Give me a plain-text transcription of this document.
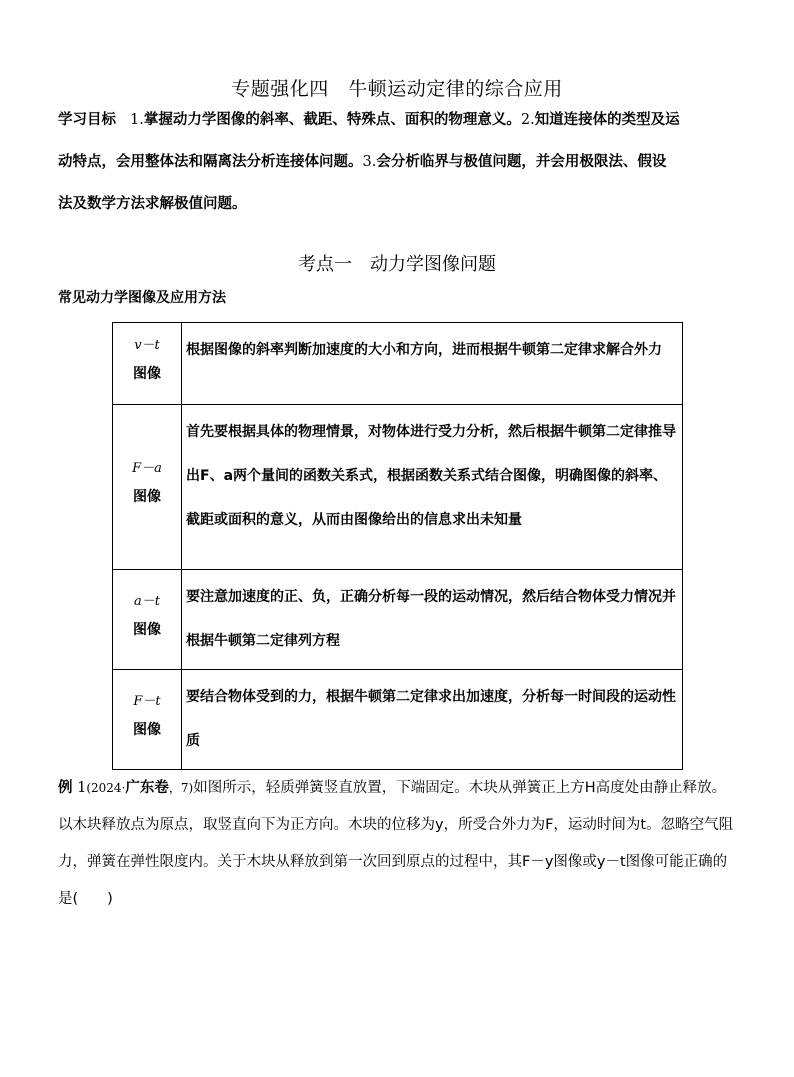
专题强化四　牛顿运动定律的综合应用
学习目标 1.掌握动力学图像的斜率、截距、特殊点、面积的物理意义。2.知道连接体的类型及运
动特点，会用整体法和隔离法分析连接体问题。3.会分析临界与极值问题，并会用极限法、假设
法及数学方法求解极值问题。
考点一　动力学图像问题
常见动力学图像及应用方法
v－t
图像	根据图像的斜率判断加速度的大小和方向，进而根据牛顿第二定律求解合外力

F－a
图像	首先要根据具体的物理情景，对物体进行受力分析，然后根据牛顿第二定律推导出F、a两个量间的函数关系式，根据函数关系式结合图像，明确图像的斜率、截距或面积的意义，从而由图像给出的信息求出未知量

a－t
图像	要注意加速度的正、负，正确分析每一段的运动情况，然后结合物体受力情况并根据牛顿第二定律列方程

F－t
图像	要结合物体受到的力，根据牛顿第二定律求出加速度，分析每一时间段的运动性质
例 1(2024·广东卷，7)如图所示，轻质弹簧竖直放置，下端固定。木块从弹簧正上方H高度处由静止释放。以木块释放点为原点，取竖直向下为正方向。木块的位移为y，所受合外力为F，运动时间为t。忽略空气阻力，弹簧在弹性限度内。关于木块从释放到第一次回到原点的过程中，其F－y图像或y－t图像可能正确的是(　　)
